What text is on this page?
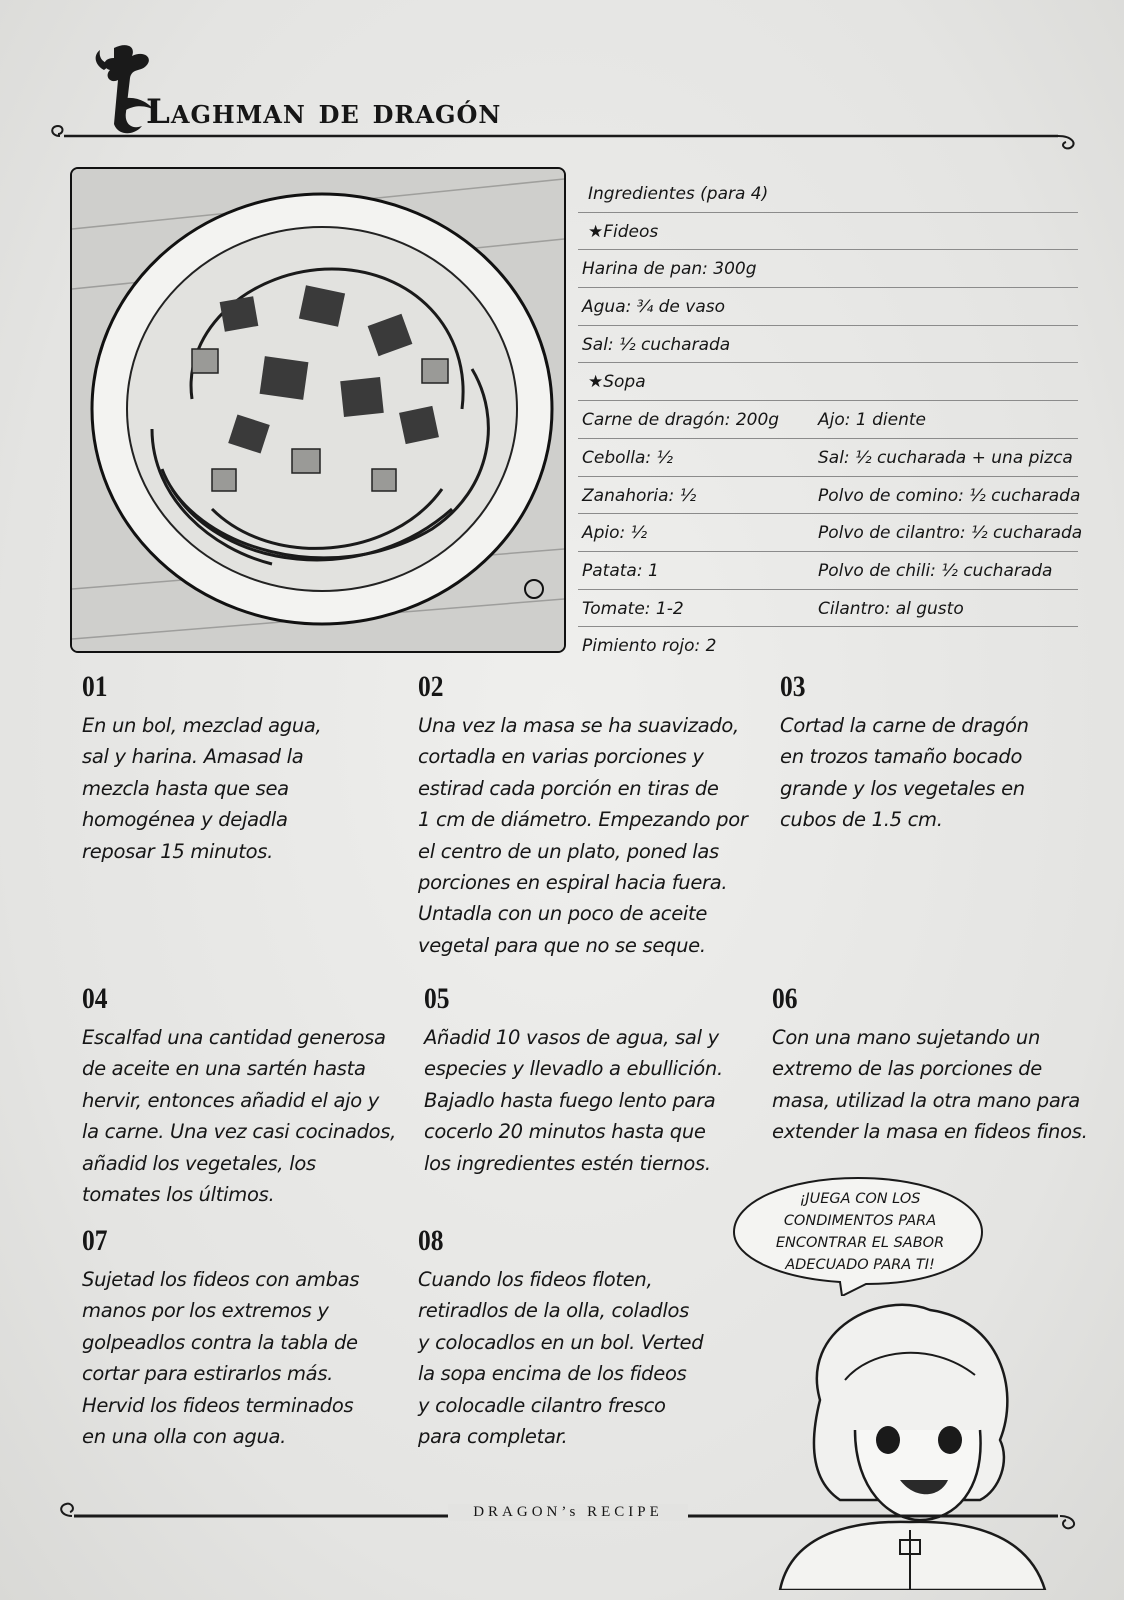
Laghman de dragón
Ingredientes (para 4)
★Fideos
Harina de pan: 300g
Agua: ¾ de vaso
Sal: ½ cucharada
★Sopa
Carne de dragón: 200g Ajo: 1 diente
Cebolla: ½	Sal: ½ cucharada + una pizca
Zanahoria: ½	Polvo de comino: ½ cucharada
Apio: ½	Polvo de cilantro: ½ cucharada
Patata: 1	Polvo de chili: ½ cucharada
Tomate: 1-2	Cilantro: al gusto
Pimiento rojo: 2
01
En un bol, mezclad agua,
sal y harina. Amasad la
mezcla hasta que sea
homogénea y dejadla
reposar 15 minutos.
02
Una vez la masa se ha suavizado,
cortadla en varias porciones y
estirad cada porción en tiras de
1 cm de diámetro. Empezando por
el centro de un plato, poned las
porciones en espiral hacia fuera.
Untadla con un poco de aceite
vegetal para que no se seque.
03
Cortad la carne de dragón
en trozos tamaño bocado
grande y los vegetales en
cubos de 1.5 cm.
04
Escalfad una cantidad generosa
de aceite en una sartén hasta
hervir, entonces añadid el ajo y
la carne. Una vez casi cocinados,
añadid los vegetales, los
tomates los últimos.
05
Añadid 10 vasos de agua, sal y
especies y llevadlo a ebullición.
Bajadlo hasta fuego lento para
cocerlo 20 minutos hasta que
los ingredientes estén tiernos.
06
Con una mano sujetando un
extremo de las porciones de
masa, utilizad la otra mano para
extender la masa en fideos finos.
07
Sujetad los fideos con ambas
manos por los extremos y
golpeadlos contra la tabla de
cortar para estirarlos más.
Hervid los fideos terminados
en una olla con agua.
08
Cuando los fideos floten,
retiradlos de la olla, coladlos
y colocadlos en un bol. Verted
la sopa encima de los fideos
y colocadle cilantro fresco
para completar.
¡JUEGA CON LOS
CONDIMENTOS PARA
ENCONTRAR EL SABOR
ADECUADO PARA TI!
DRAGON’s RECIPE
